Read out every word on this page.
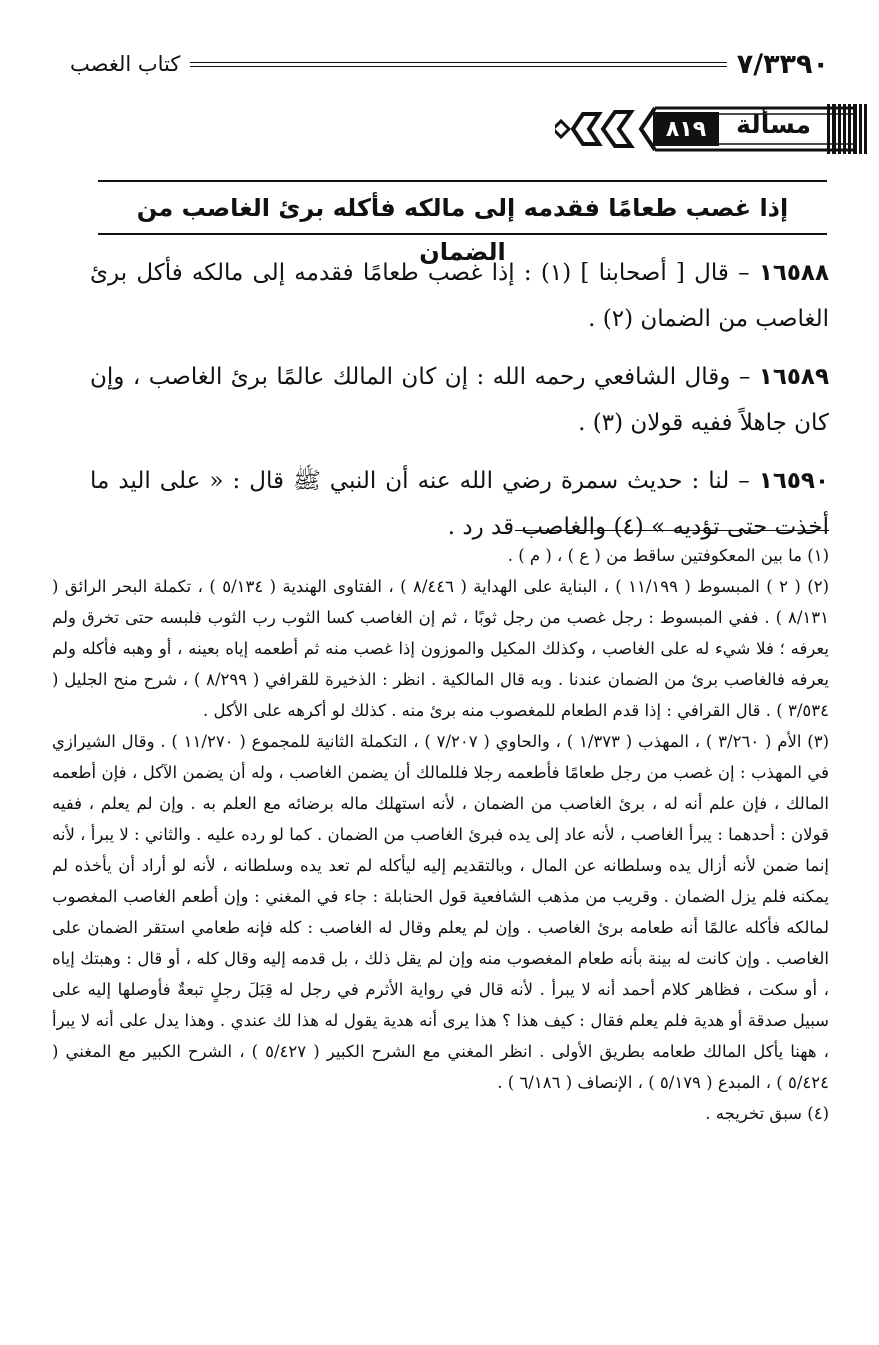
٧/٣٣٩٠
كتاب الغصب
مسألة
٨١٩
إذا غصب طعامًا فقدمه إلى مالكه فأكله برئ الغاصب من الضمان

١٦٥٨٨ – قال [ أصحابنا ] (١) : إذا غصب طعامًا فقدمه إلى مالكه فأكل برئ الغاصب من الضمان (٢) .

١٦٥٨٩ – وقال الشافعي رحمه الله : إن كان المالك عالمًا برئ الغاصب ، وإن كان جاهلاً ففيه قولان (٣) .

١٦٥٩٠ – لنا : حديث سمرة رضي الله عنه أن النبي ﷺ قال : « على اليد ما أخذت حتى تؤديه » (٤) والغاصب قد رد .

(١) ما بين المعكوفتين ساقط من ( ع ) ، ( م ) .

(٢) ( ٢ ) المبسوط ( ١١/١٩٩ ) ، البناية على الهداية ( ٨/٤٤٦ ) ، الفتاوى الهندية ( ٥/١٣٤ ) ، تكملة البحر الرائق ( ٨/١٣١ ) . ففي المبسوط : رجل غصب من رجل ثوبًا ، ثم إن الغاصب كسا الثوب رب الثوب فلبسه حتى تخرق ولم يعرفه ؛ فلا شيء له على الغاصب ، وكذلك المكيل والموزون إذا غصب منه ثم أطعمه إياه بعينه ، أو وهبه فأكله ولم يعرفه فالغاصب برئ من الضمان عندنا . وبه قال المالكية . انظر : الذخيرة للقرافي ( ٨/٢٩٩ ) ، شرح منح الجليل ( ٣/٥٣٤ ) . قال القرافي : إذا قدم الطعام للمغصوب منه برئ منه . كذلك لو أكرهه على الأكل .

(٣) الأم ( ٣/٢٦٠ ) ، المهذب ( ١/٣٧٣ ) ، والحاوي ( ٧/٢٠٧ ) ، التكملة الثانية للمجموع ( ١١/٢٧٠ ) . وقال الشيرازي في المهذب : إن غصب من رجل طعامًا فأطعمه رجلا فللمالك أن يضمن الغاصب ، وله أن يضمن الآكل ، فإن أطعمه المالك ، فإن علم أنه له ، برئ الغاصب من الضمان ، لأنه استهلك ماله برضائه مع العلم به . وإن لم يعلم ، ففيه قولان : أحدهما : يبرأ الغاصب ، لأنه عاد إلى يده فبرئ الغاصب من الضمان . كما لو رده عليه . والثاني : لا يبرأ ، لأنه إنما ضمن لأنه أزال يده وسلطانه عن المال ، وبالتقديم إليه ليأكله لم تعد يده وسلطانه ، لأنه لو أراد أن يأخذه لم يمكنه فلم يزل الضمان . وقريب من مذهب الشافعية قول الحنابلة : جاء في المغني : وإن أطعم الغاصب المغصوب لمالكه فأكله عالمًا أنه طعامه برئ الغاصب . وإن لم يعلم وقال له الغاصب : كله فإنه طعامي استقر الضمان على الغاصب . وإن كانت له بينة بأنه طعام المغصوب منه وإن لم يقل ذلك ، بل قدمه إليه وقال كله ، أو قال : وهبتك إياه ، أو سكت ، فظاهر كلام أحمد أنه لا يبرأ . لأنه قال في رواية الأثرم في رجل له قِبَلَ رجلٍ تبعةٌ فأوصلها إليه على سبيل صدقة أو هدية فلم يعلم فقال : كيف هذا ؟ هذا يرى أنه هدية يقول له هذا لك عندي . وهذا يدل على أنه لا يبرأ ، ههنا يأكل المالك طعامه بطريق الأولى . انظر المغني مع الشرح الكبير ( ٥/٤٢٧ ) ، الشرح الكبير مع المغني ( ٥/٤٢٤ ) ، المبدع ( ٥/١٧٩ ) ، الإنصاف ( ٦/١٨٦ ) .

(٤) سبق تخريجه .
